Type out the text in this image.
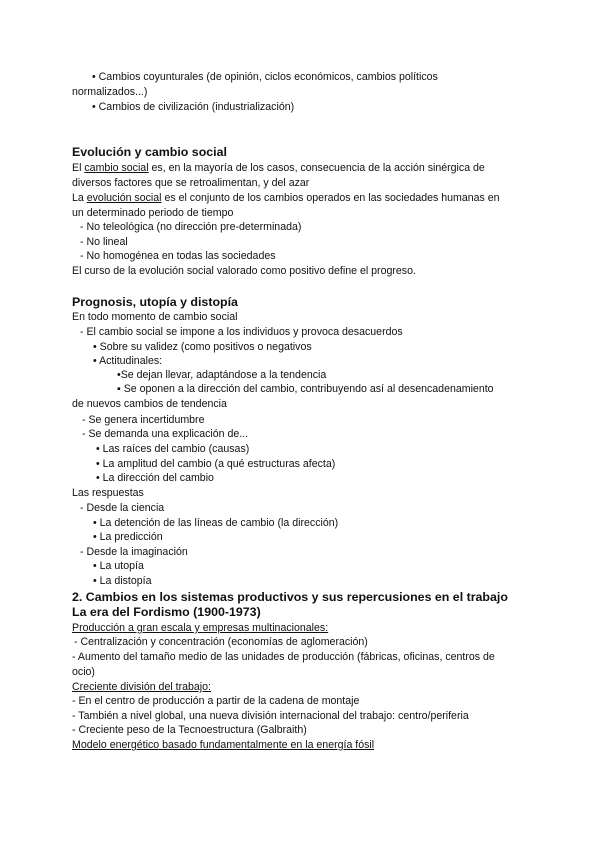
• Cambios coyunturales (de opinión, ciclos económicos, cambios políticos
normalizados...)
• Cambios de civilización (industrialización)
Evolución y cambio social
El cambio social es, en la mayoría de los casos, consecuencia de la acción sinérgica de
diversos factores que se retroalimentan, y del azar
La evolución social es el conjunto de los cambios operados en las sociedades humanas en
un determinado periodo de tiempo
- No teleológica (no dirección pre-determinada)
- No lineal
- No homogénea en todas las sociedades
El curso de la evolución social valorado como positivo define el progreso.
Prognosis, utopía y distopía
En todo momento de cambio social
- El cambio social se impone a los individuos y provoca desacuerdos
• Sobre su validez (como positivos o negativos
• Actitudinales:
•Se dejan llevar, adaptándose a la tendencia
▪ Se oponen a la dirección del cambio, contribuyendo así al desencadenamiento
de nuevos cambios de tendencia
- Se genera incertidumbre
- Se demanda una explicación de...
• Las raíces del cambio (causas)
• La amplitud del cambio (a qué estructuras afecta)
• La dirección del cambio
Las respuestas
- Desde la ciencia
• La detención de las líneas de cambio (la dirección)
• La predicción
- Desde la imaginación
• La utopía
• La distopía
2. Cambios en los sistemas productivos y sus repercusiones en el trabajo
La era del Fordismo (1900-1973)
Producción a gran escala y empresas multinacionales:
- Centralización y concentración (economías de aglomeración)
- Aumento del tamaño medio de las unidades de producción (fábricas, oficinas, centros de
ocio)
Creciente división del trabajo:
- En el centro de producción a partir de la cadena de montaje
- También a nivel global, una nueva división internacional del trabajo: centro/periferia
- Creciente peso de la Tecnoestructura (Galbraith)
Modelo energético basado fundamentalmente en la energía fósil
